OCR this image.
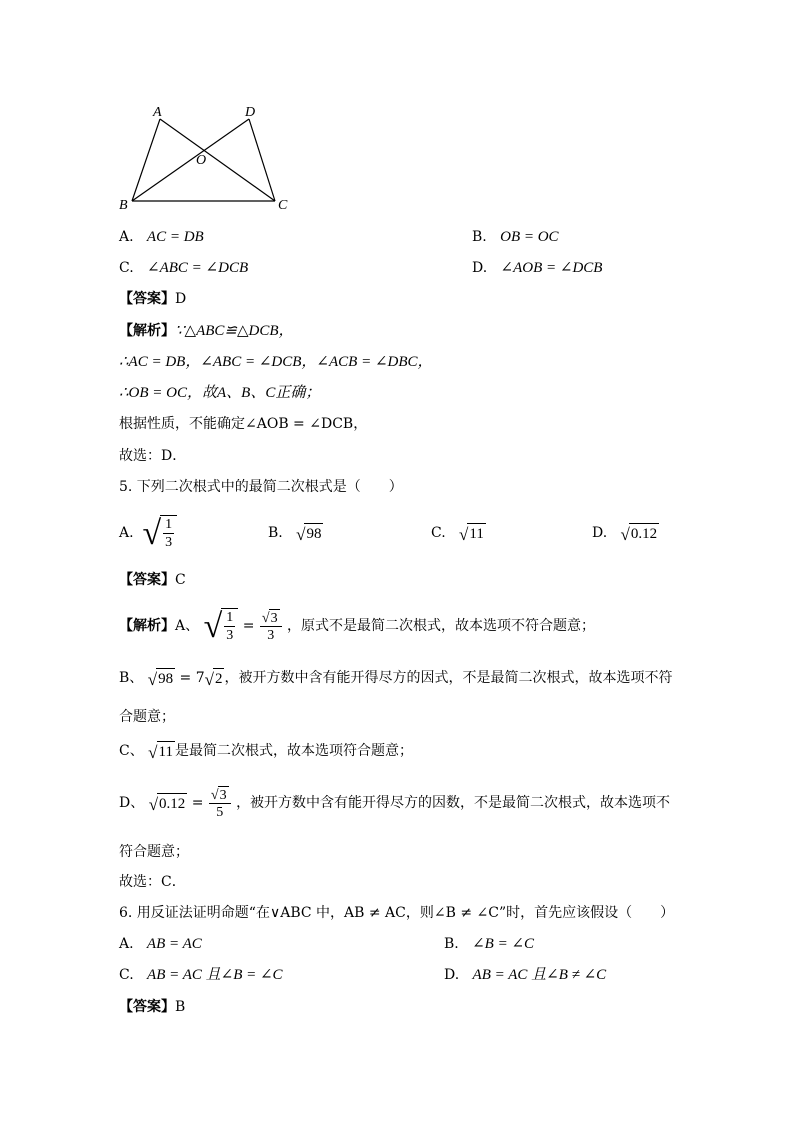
A	D
O
B	C
A. AC = DB	B. OB = OC
C. ∠ABC = ∠DCB	D. ∠AOB = ∠DCB
【答案】D
【解析】∵△ABC≌△DCB，
∴AC = DB，∠ABC = ∠DCB，∠ACB = ∠DBC，
∴OB = OC，故A、B、C正确；
根据性质，不能确定∠AOB = ∠DCB，
故选：D．
5. 下列二次根式中的最简二次根式是（　　）
A. √ $\frac{1}{3}$	B. √ 98	C. √ 11	D. √ 0.12
【答案】C
【解析】A、 √ $\frac{1}{3} = \frac{√ 3}{3}$ ，原式不是最简二次根式，故本选项不符合题意；
B、 √ 98 = 7 √ 2 ，被开方数中含有能开得尽方的因式，不是最简二次根式，故本选项不符
合题意；
C、 √ 11 是最简二次根式，故本选项符合题意；
D、 √ $0.12 = \frac{√ 3}{5}$ ，被开方数中含有能开得尽方的因数，不是最简二次根式，故本选项不
符合题意；
故选：C．
6. 用反证法证明命题“在∨ABC 中，AB ≠ AC，则∠B ≠ ∠C”时，首先应该假设（　　）
A. AB = AC	B. ∠B = ∠C
C. AB = AC 且∠B = ∠C	D. AB = AC 且∠B ≠ ∠C
【答案】B
